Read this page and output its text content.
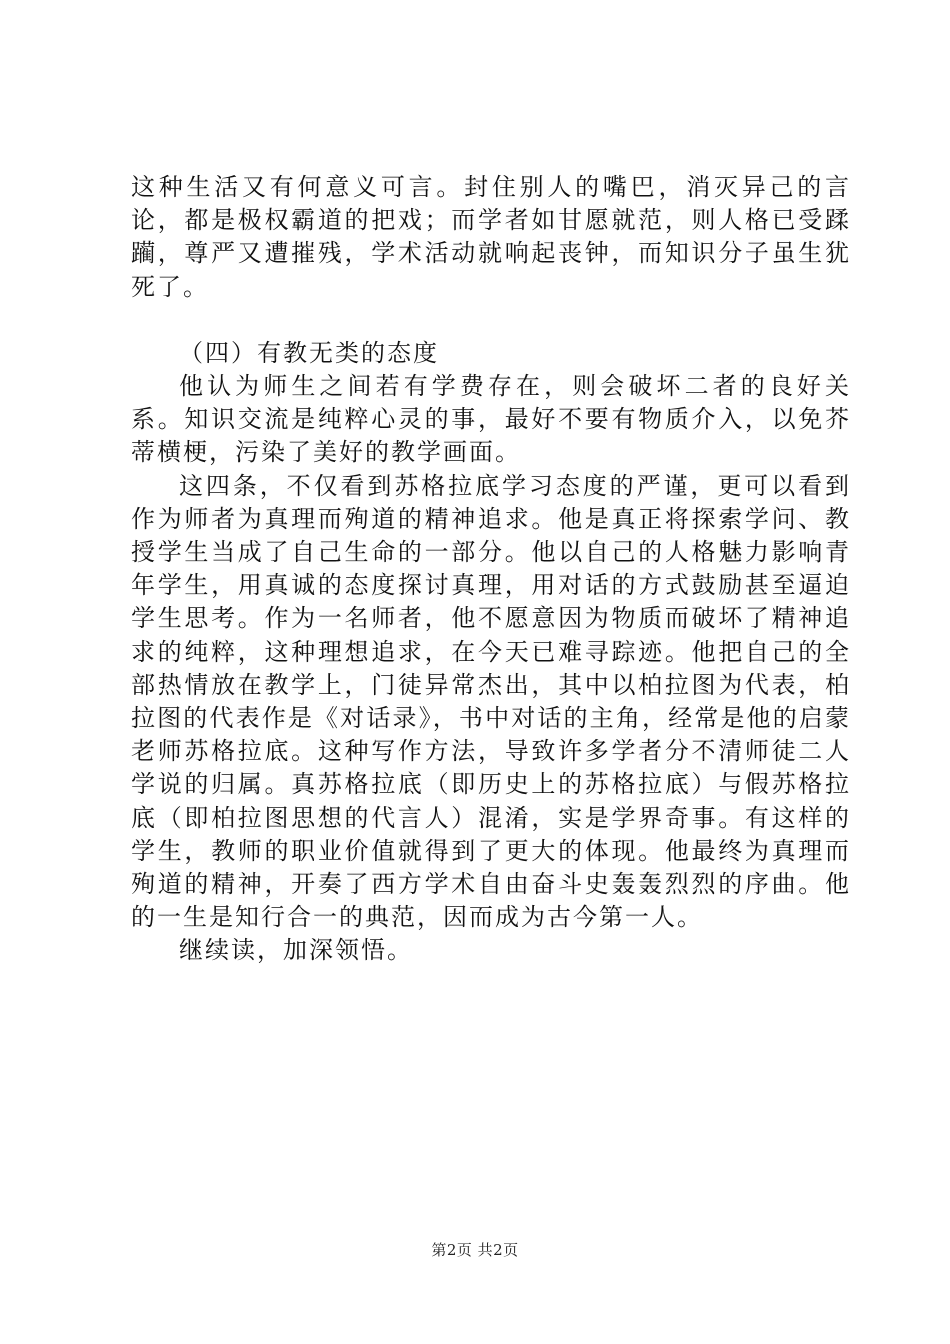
这种生活又有何意义可言。封住别人的嘴巴，消灭异己的言论，都是极权霸道的把戏；而学者如甘愿就范，则人格已受蹂躏，尊严又遭摧残，学术活动就响起丧钟，而知识分子虽生犹死了。

（四）有教无类的态度

他认为师生之间若有学费存在，则会破坏二者的良好关系。知识交流是纯粹心灵的事，最好不要有物质介入，以免芥蒂横梗，污染了美好的教学画面。

这四条，不仅看到苏格拉底学习态度的严谨，更可以看到作为师者为真理而殉道的精神追求。他是真正将探索学问、教授学生当成了自己生命的一部分。他以自己的人格魅力影响青年学生，用真诚的态度探讨真理，用对话的方式鼓励甚至逼迫学生思考。作为一名师者，他不愿意因为物质而破坏了精神追求的纯粹，这种理想追求，在今天已难寻踪迹。他把自己的全部热情放在教学上，门徒异常杰出，其中以柏拉图为代表，柏拉图的代表作是《对话录》，书中对话的主角，经常是他的启蒙老师苏格拉底。这种写作方法，导致许多学者分不清师徒二人学说的归属。真苏格拉底（即历史上的苏格拉底）与假苏格拉底（即柏拉图思想的代言人）混淆，实是学界奇事。有这样的学生，教师的职业价值就得到了更大的体现。他最终为真理而殉道的精神，开奏了西方学术自由奋斗史轰轰烈烈的序曲。他的一生是知行合一的典范，因而成为古今第一人。

继续读，加深领悟。

第2页 共2页
